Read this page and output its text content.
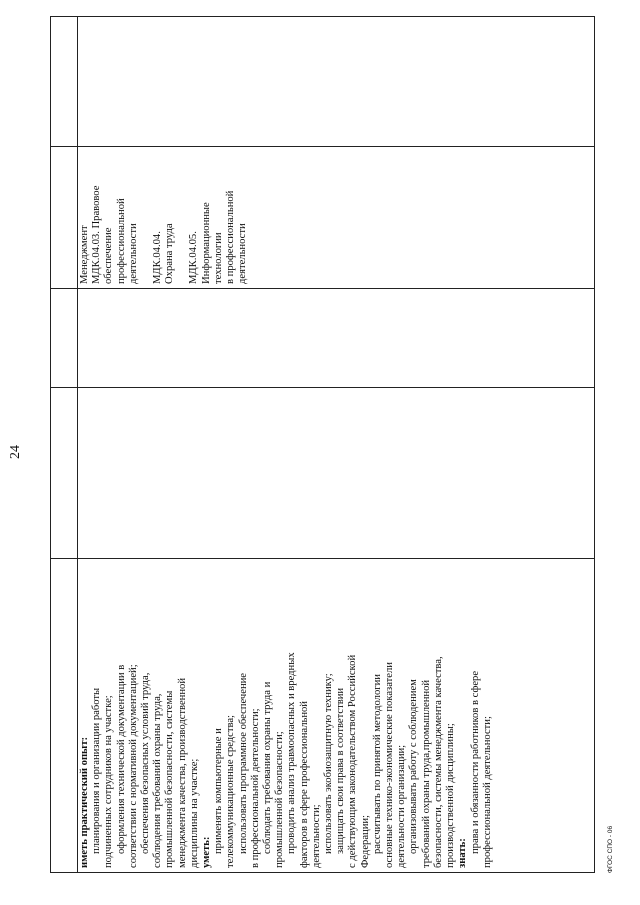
иметь практический опыт: планирования и организации работы подчиненных сотрудников на участке; оформления технической документации в соответствии с нормативной документацией; обеспечения безопасных условий труда, соблюдения требований охраны труда, промышленной безопасности, системы менеджмента качества, производственной дисциплины на участке; уметь: применять компьютерные и телекоммуникационные средства; использовать программное обеспечение в профессиональной деятельности; соблюдать требования охраны труда и промышленной безопасности; проводить анализ травмоопасных и вредных факторов в сфере профессиональной деятельности; использовать экобиозащитную технику; защищать свои права в соответствии с действующим законодательством Российской Федерации; рассчитывать по принятой методологии основные технико-экономические показатели деятельности организации; организовывать работу с соблюдением требований охраны труда,промышленной безопасности, системы менеджмента качества, производственной дисциплины; знать: права и обязанности работников в сфере профессиональной деятельности;

Менеджмент МДК.04.03. Правовое обеспечение профессиональной деятельности МДК.04.04. Охрана труда МДК.04.05. Информационные технологии в профессиональной деятельности

24
ФГОС СПО - 06
